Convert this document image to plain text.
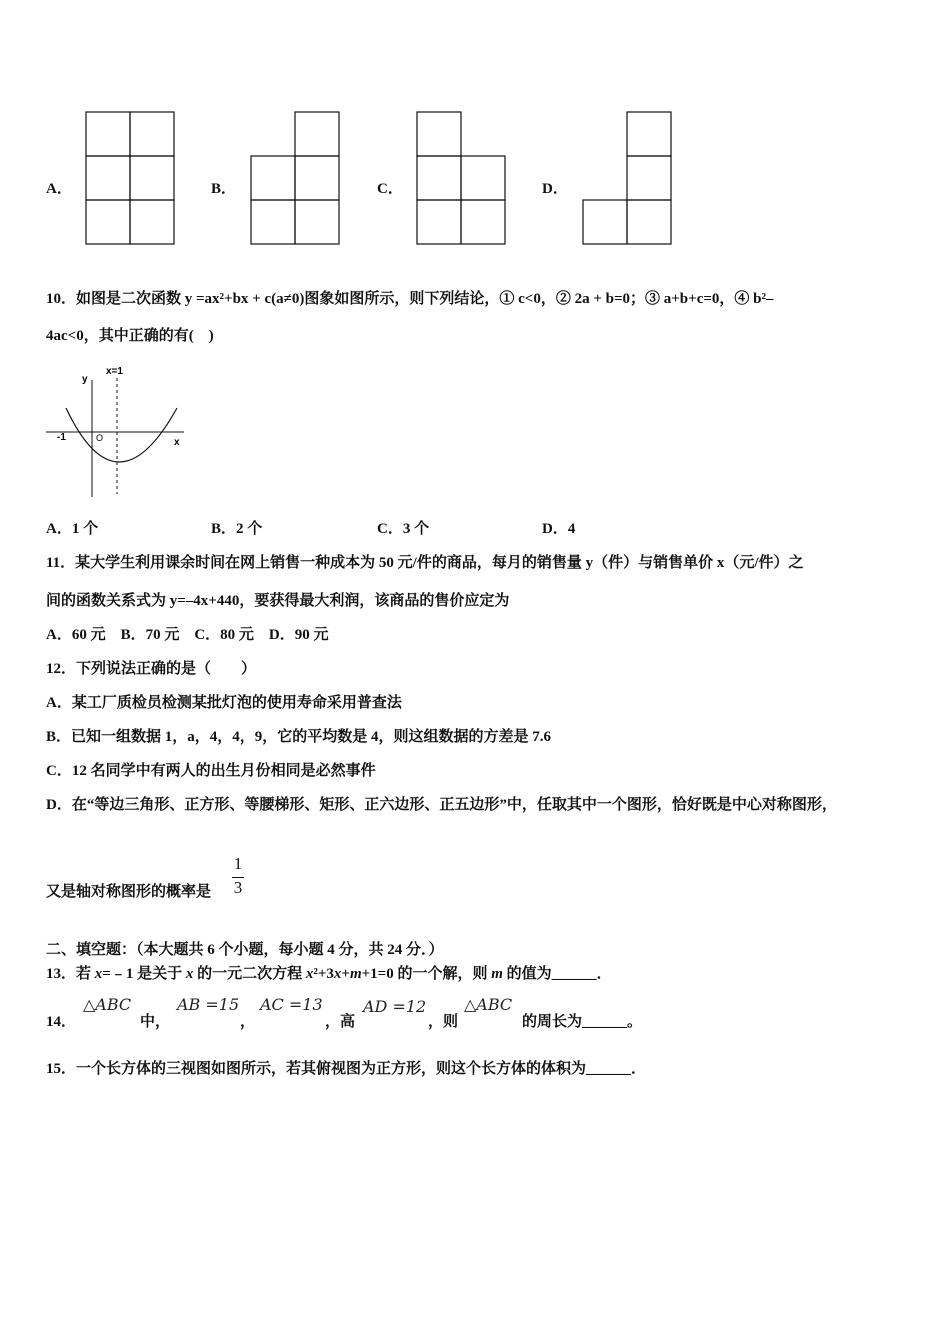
A．	B．	C．	D．
10．如图是二次函数 y =ax²+bx + c(a≠0)图象如图所示，则下列结论，① c<0，② 2a + b=0；③ a+b+c=0，④ b²–
4ac<0，其中正确的有(　)
y
x
x=1
-1	O
A．1 个	B．2 个	C．3 个	D．4
11．某大学生利用课余时间在网上销售一种成本为 50 元/件的商品，每月的销售量 y（件）与销售单价 x（元/件）之
间的函数关系式为 y=–4x+440，要获得最大利润，该商品的售价应定为
A．60 元　B．70 元　C．80 元　D．90 元
12．下列说法正确的是（　　）
A．某工厂质检员检测某批灯泡的使用寿命采用普查法
B．已知一组数据 1，a，4，4，9，它的平均数是 4，则这组数据的方差是 7.6
C．12 名同学中有两人的出生月份相同是必然事件
D．在“等边三角形、正方形、等腰梯形、矩形、正六边形、正五边形”中，任取其中一个图形，恰好既是中心对称图形，
又是轴对称图形的概率是
1
3
二、填空题：（本大题共 6 个小题，每小题 4 分，共 24 分．）
13．若 x=﹣1 是关于 x 的一元二次方程 x²+3x+m+1=0 的一个解，则 m 的值为______．
14．
△ABC
中，
AB =15
，
AC =13
，高
AD =12
，则
△ABC
的周长为______。
15．一个长方体的三视图如图所示，若其俯视图为正方形，则这个长方体的体积为______．
